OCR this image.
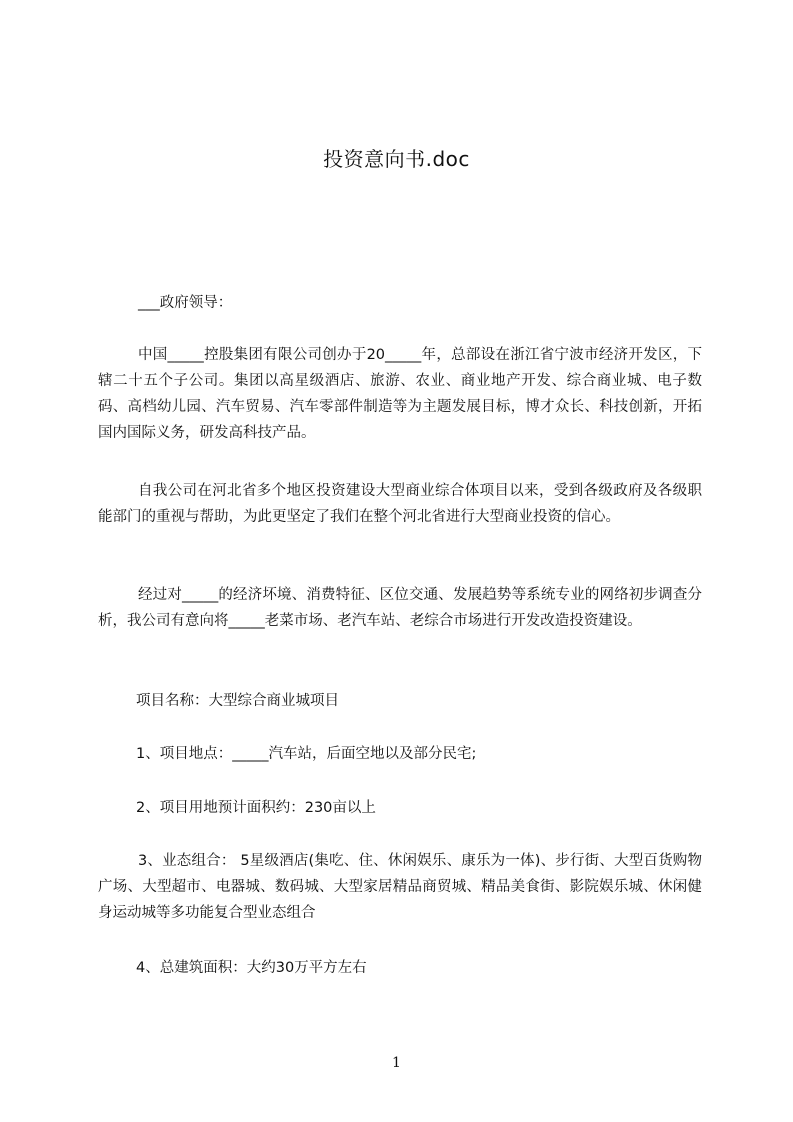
投资意向书.doc
___政府领导：
中国_____控股集团有限公司创办于20_____年，总部设在浙江省宁波市经济开发区，下辖二十五个子公司。集团以高星级酒店、旅游、农业、商业地产开发、综合商业城、电子数码、高档幼儿园、汽车贸易、汽车零部件制造等为主题发展目标，博才众长、科技创新，开拓国内国际义务，研发高科技产品。
自我公司在河北省多个地区投资建设大型商业综合体项目以来，受到各级政府及各级职能部门的重视与帮助，为此更坚定了我们在整个河北省进行大型商业投资的信心。
经过对_____的经济坏境、消费特征、区位交通、发展趋势等系统专业的网络初步调查分析，我公司有意向将_____老菜市场、老汽车站、老综合市场进行开发改造投资建设。
项目名称：大型综合商业城项目
1、项目地点：_____汽车站，后面空地以及部分民宅;
2、项目用地预计面积约：230亩以上
3、业态组合： 5星级酒店(集吃、住、休闲娱乐、康乐为一体)、步行街、大型百货购物广场、大型超市、电器城、数码城、大型家居精品商贸城、精品美食街、影院娱乐城、休闲健身运动城等多功能复合型业态组合
4、总建筑面积：大约30万平方左右
1
